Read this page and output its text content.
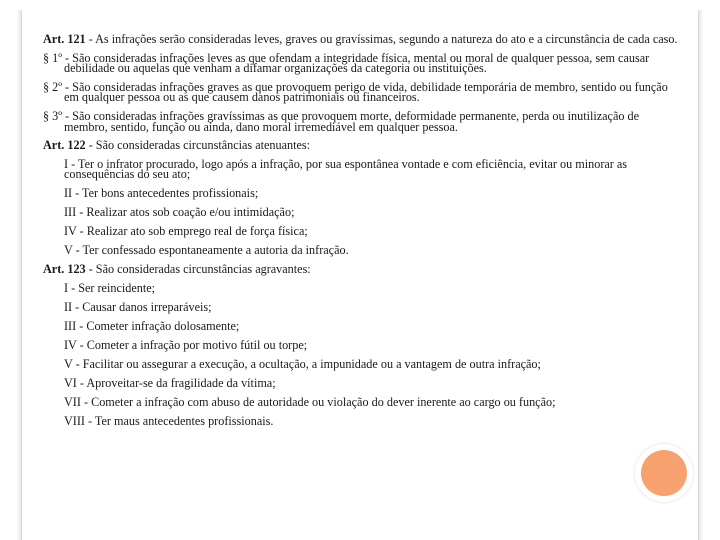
Art. 121 - As infrações serão consideradas leves, graves ou gravíssimas, segundo a natureza do ato e a circunstância de cada caso.
§ 1º - São consideradas infrações leves as que ofendam a integridade física, mental ou moral de qualquer pessoa, sem causar debilidade ou aquelas que venham a difamar organizações da categoria ou instituições.
§ 2º - São consideradas infrações graves as que provoquem perigo de vida, debilidade temporária de membro, sentido ou função em qualquer pessoa ou as que causem danos patrimoniais ou financeiros.
§ 3º - São consideradas infrações gravíssimas as que provoquem morte, deformidade permanente, perda ou inutilização de membro, sentido, função ou ainda, dano moral irremediável em qualquer pessoa.
Art. 122 - São consideradas circunstâncias atenuantes:
I - Ter o infrator procurado, logo após a infração, por sua espontânea vontade e com eficiência, evitar ou minorar as consequências do seu ato;
II - Ter bons antecedentes profissionais;
III - Realizar atos sob coação e/ou intimidação;
IV - Realizar ato sob emprego real de força física;
V - Ter confessado espontaneamente a autoria da infração.
Art. 123 - São consideradas circunstâncias agravantes:
I - Ser reincidente;
II - Causar danos irreparáveis;
III - Cometer infração dolosamente;
IV - Cometer a infração por motivo fútil ou torpe;
V - Facilitar ou assegurar a execução, a ocultação, a impunidade ou a vantagem de outra infração;
VI - Aproveitar-se da fragilidade da vítima;
VII - Cometer a infração com abuso de autoridade ou violação do dever inerente ao cargo ou função;
VIII - Ter maus antecedentes profissionais.
